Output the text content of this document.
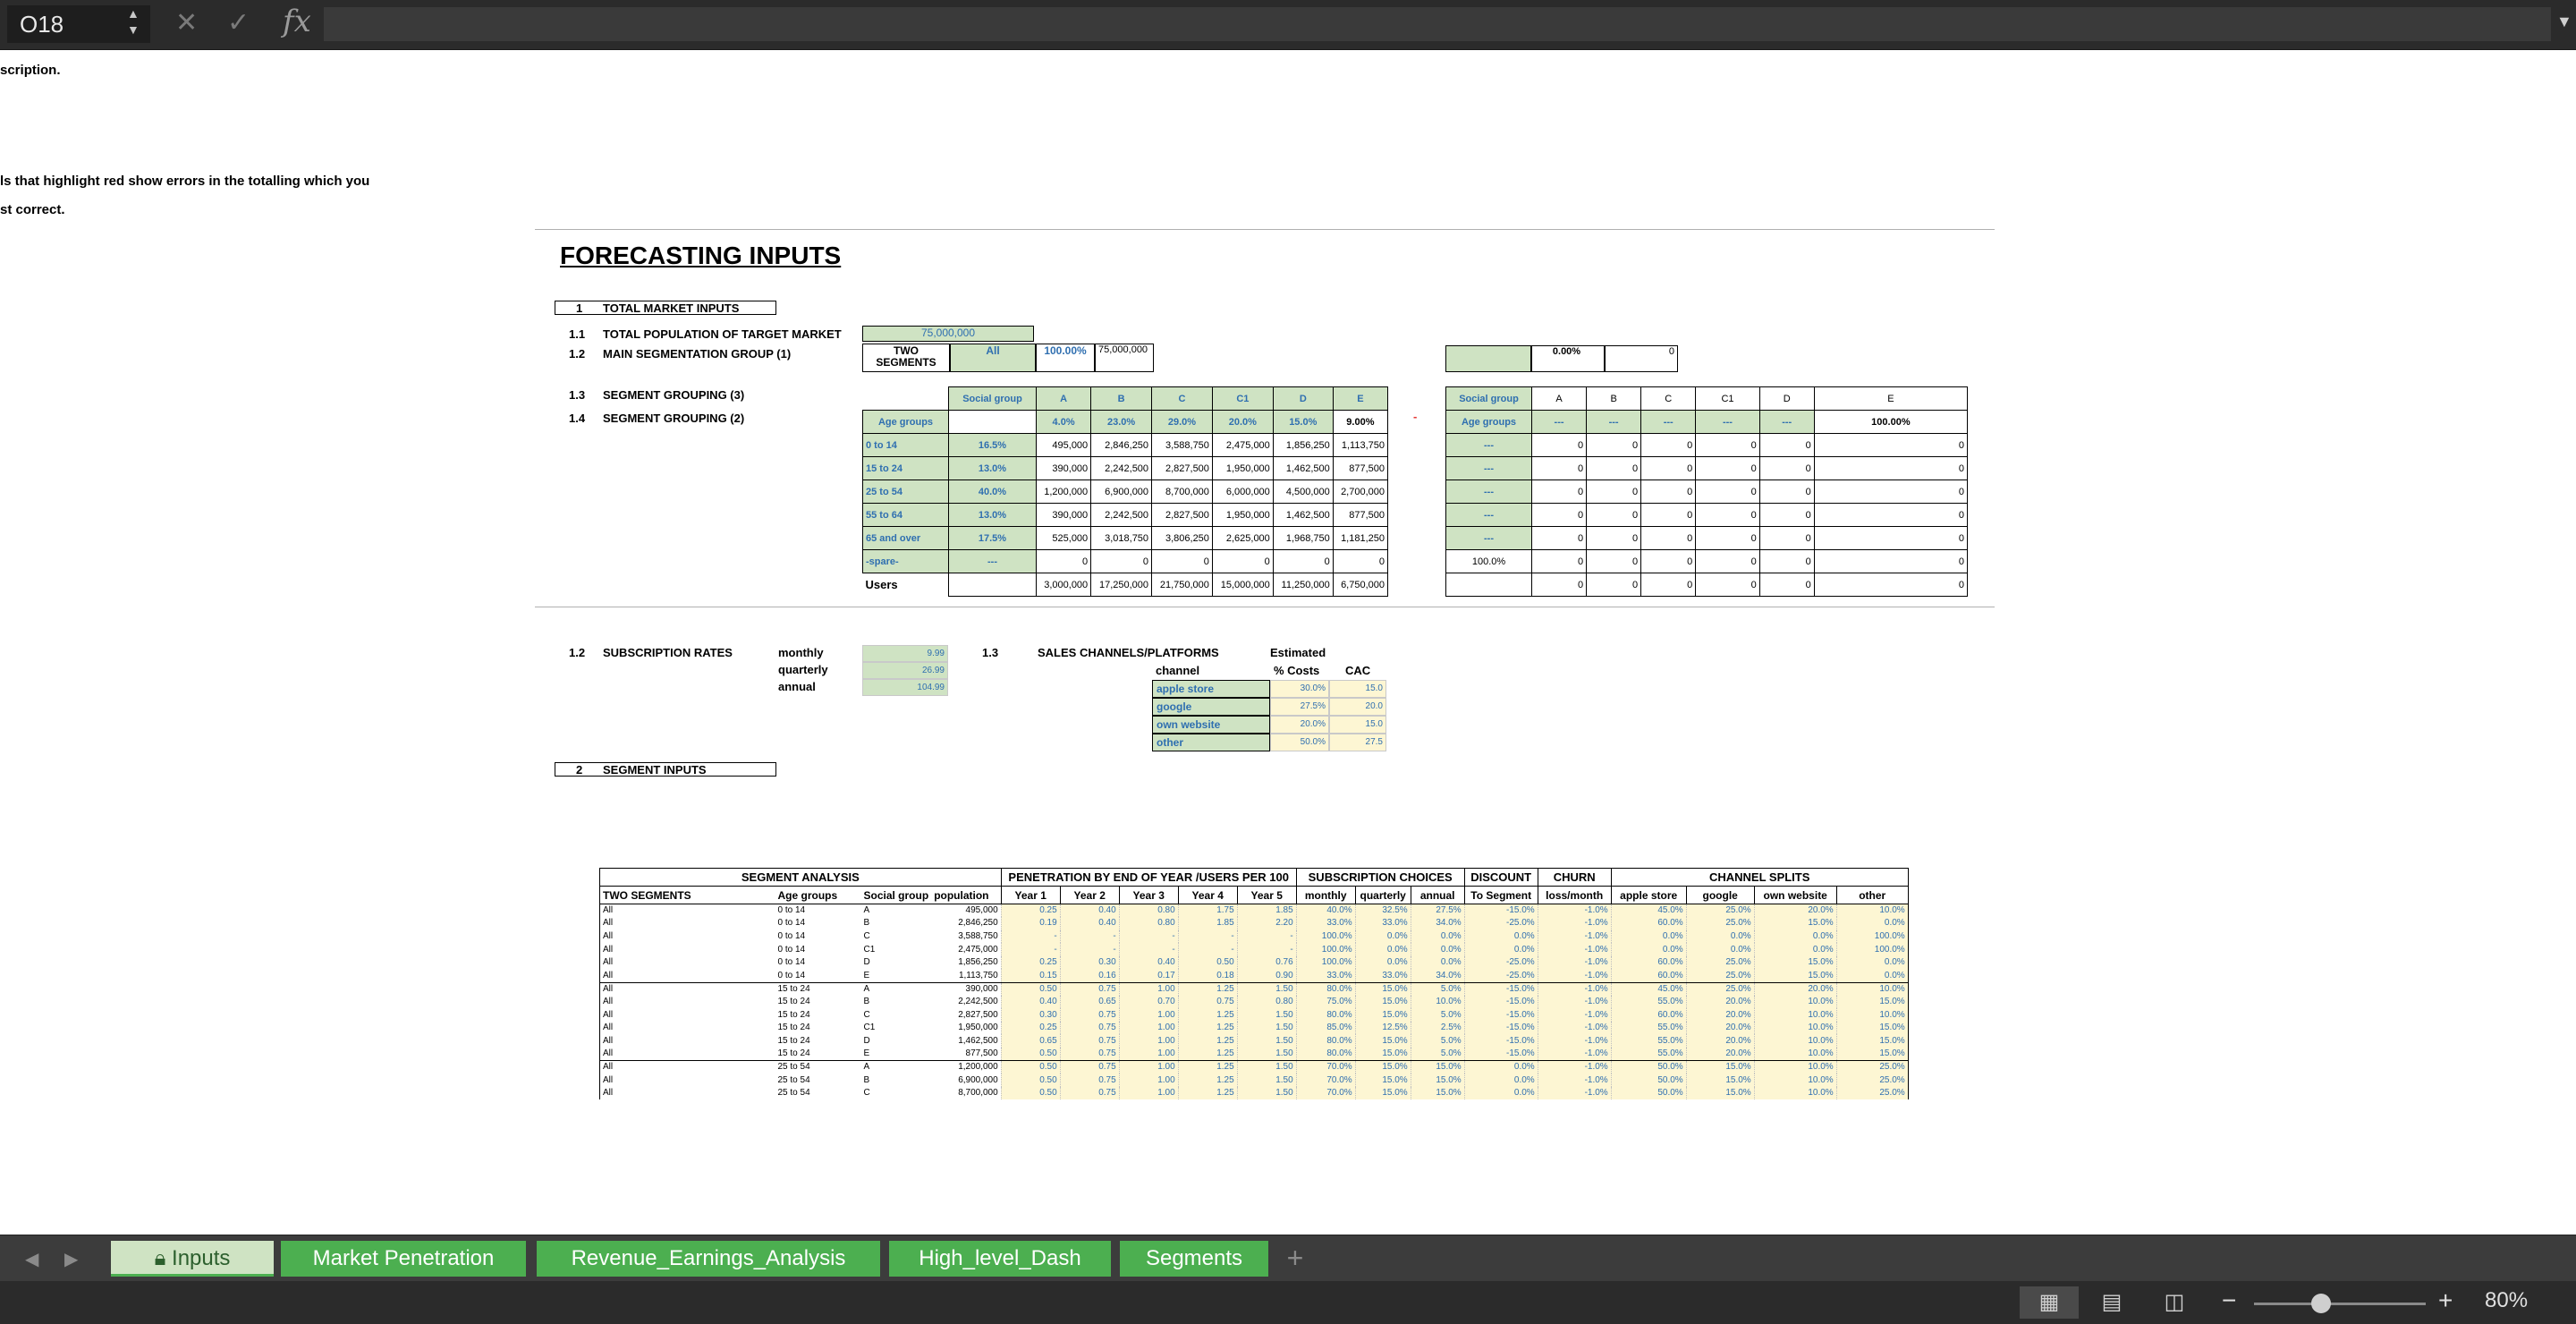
O18	▲
▼ ✕ ✓ fx	▼
scription.
ls that highlight red show errors in the totalling which you
st correct.
FORECASTING INPUTS
1 TOTAL MARKET INPUTS
1.1 TOTAL POPULATION OF TARGET MARKET	75,000,000
1.2 MAIN SEGMENTATION GROUP (1)	TWO SEGMENTS
All	100.00%	75,000,000	0.00%	0
1.3 SEGMENT GROUPING (3)
1.4 SEGMENT GROUPING (2)
	Social group	A	B	C	C1	D	E
Age groups		4.0%	23.0%	29.0%	20.0%	15.0%	9.00%
0 to 14	16.5%	495,000	2,846,250	3,588,750	2,475,000	1,856,250	1,113,750
15 to 24	13.0%	390,000	2,242,500	2,827,500	1,950,000	1,462,500	877,500
25 to 54	40.0%	1,200,000	6,900,000	8,700,000	6,000,000	4,500,000	2,700,000
55 to 64	13.0%	390,000	2,242,500	2,827,500	1,950,000	1,462,500	877,500
65 and over	17.5%	525,000	3,018,750	3,806,250	2,625,000	1,968,750	1,181,250
-spare-	---	0	0	0	0	0	0
Users		3,000,000	17,250,000	21,750,000	15,000,000	11,250,000	6,750,000
-
Social group	A	B	C	C1	D	E
Age groups	---	---	---	---	---	100.00%
---	0	0	0	0	0	0
---	0	0	0	0	0	0
---	0	0	0	0	0	0
---	0	0	0	0	0	0
---	0	0	0	0	0	0
100.0%	0	0	0	0	0	0
	0	0	0	0	0	0
1.2 SUBSCRIPTION RATES	monthly	9.99
quarterly	26.99
annual	104.99
1.3	SALES CHANNELS/PLATFORMS	Estimated
channel	% Costs CAC
apple store	30.0%	15.0
google	27.5%	20.0
own website	20.0%	15.0
other	50.0%	27.5
2 SEGMENT INPUTS
SEGMENT ANALYSIS				PENETRATION BY END OF YEAR /USERS PER 100					SUBSCRIPTION CHOICES			DISCOUNT	CHURN	CHANNEL SPLITS			
TWO SEGMENTS	Age groups	Social group	population	Year 1	Year 2	Year 3	Year 4	Year 5	monthly	quarterly	annual	To Segment	loss/month	apple store	google	own website	other
All	0 to 14	A	495,000	0.25	0.40	0.80	1.75	1.85	40.0%	32.5%	27.5%	-15.0%	-1.0%	45.0%	25.0%	20.0%	10.0%
All	0 to 14	B	2,846,250	0.19	0.40	0.80	1.85	2.20	33.0%	33.0%	34.0%	-25.0%	-1.0%	60.0%	25.0%	15.0%	0.0%
All	0 to 14	C	3,588,750	-	-	-	-	-	100.0%	0.0%	0.0%	0.0%	-1.0%	0.0%	0.0%	0.0%	100.0%
All	0 to 14	C1	2,475,000	-	-	-	-	-	100.0%	0.0%	0.0%	0.0%	-1.0%	0.0%	0.0%	0.0%	100.0%
All	0 to 14	D	1,856,250	0.25	0.30	0.40	0.50	0.76	100.0%	0.0%	0.0%	-25.0%	-1.0%	60.0%	25.0%	15.0%	0.0%
All	0 to 14	E	1,113,750	0.15	0.16	0.17	0.18	0.90	33.0%	33.0%	34.0%	-25.0%	-1.0%	60.0%	25.0%	15.0%	0.0%
All	15 to 24	A	390,000	0.50	0.75	1.00	1.25	1.50	80.0%	15.0%	5.0%	-15.0%	-1.0%	45.0%	25.0%	20.0%	10.0%
All	15 to 24	B	2,242,500	0.40	0.65	0.70	0.75	0.80	75.0%	15.0%	10.0%	-15.0%	-1.0%	55.0%	20.0%	10.0%	15.0%
All	15 to 24	C	2,827,500	0.30	0.75	1.00	1.25	1.50	80.0%	15.0%	5.0%	-15.0%	-1.0%	60.0%	20.0%	10.0%	10.0%
All	15 to 24	C1	1,950,000	0.25	0.75	1.00	1.25	1.50	85.0%	12.5%	2.5%	-15.0%	-1.0%	55.0%	20.0%	10.0%	15.0%
All	15 to 24	D	1,462,500	0.65	0.75	1.00	1.25	1.50	80.0%	15.0%	5.0%	-15.0%	-1.0%	55.0%	20.0%	10.0%	15.0%
All	15 to 24	E	877,500	0.50	0.75	1.00	1.25	1.50	80.0%	15.0%	5.0%	-15.0%	-1.0%	55.0%	20.0%	10.0%	15.0%
All	25 to 54	A	1,200,000	0.50	0.75	1.00	1.25	1.50	70.0%	15.0%	15.0%	0.0%	-1.0%	50.0%	15.0%	10.0%	25.0%
All	25 to 54	B	6,900,000	0.50	0.75	1.00	1.25	1.50	70.0%	15.0%	15.0%	0.0%	-1.0%	50.0%	15.0%	10.0%	25.0%
All	25 to 54	C	8,700,000	0.50	0.75	1.00	1.25	1.50	70.0%	15.0%	15.0%	0.0%	-1.0%	50.0%	15.0%	10.0%	25.0%
◀ ▶	🔒︎ Inputs	Market Penetration	Revenue_Earnings_Analysis	High_level_Dash	Segments	+
▦	▤	◫	−	+ 80%
